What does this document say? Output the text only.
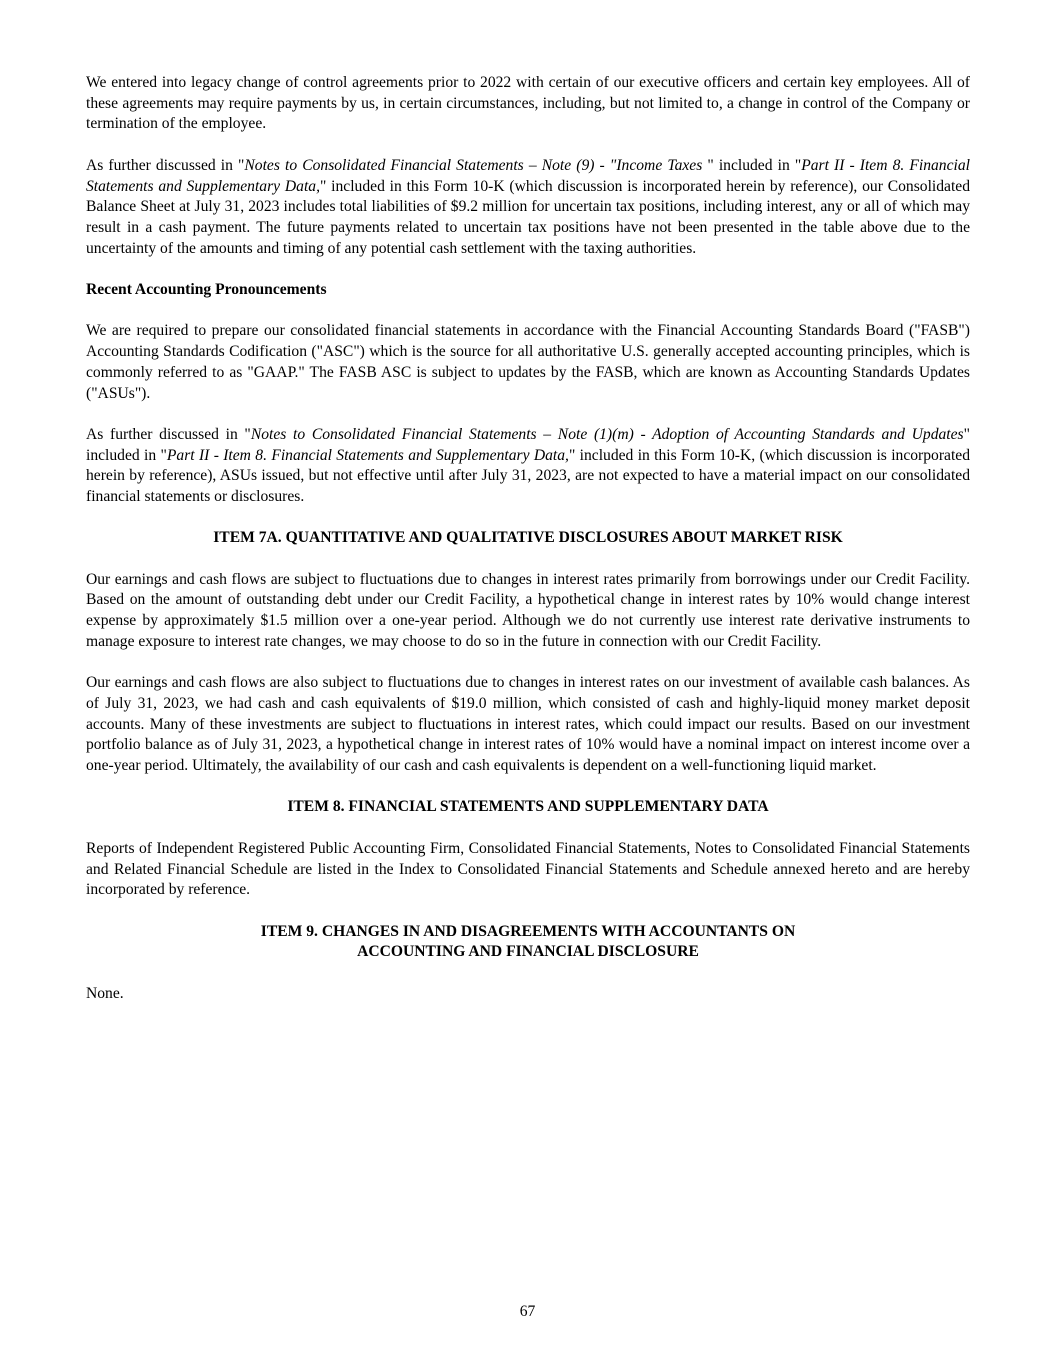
We entered into legacy change of control agreements prior to 2022 with certain of our executive officers and certain key employees. All of these agreements may require payments by us, in certain circumstances, including, but not limited to, a change in control of the Company or termination of the employee.

As further discussed in "Notes to Consolidated Financial Statements – Note (9) - "Income Taxes " included in "Part II - Item 8. Financial Statements and Supplementary Data," included in this Form 10-K (which discussion is incorporated herein by reference), our Consolidated Balance Sheet at July 31, 2023 includes total liabilities of $9.2 million for uncertain tax positions, including interest, any or all of which may result in a cash payment. The future payments related to uncertain tax positions have not been presented in the table above due to the uncertainty of the amounts and timing of any potential cash settlement with the taxing authorities.

Recent Accounting Pronouncements

We are required to prepare our consolidated financial statements in accordance with the Financial Accounting Standards Board ("FASB") Accounting Standards Codification ("ASC") which is the source for all authoritative U.S. generally accepted accounting principles, which is commonly referred to as "GAAP." The FASB ASC is subject to updates by the FASB, which are known as Accounting Standards Updates ("ASUs").

As further discussed in "Notes to Consolidated Financial Statements – Note (1)(m) - Adoption of Accounting Standards and Updates" included in "Part II - Item 8. Financial Statements and Supplementary Data," included in this Form 10-K, (which discussion is incorporated herein by reference), ASUs issued, but not effective until after July 31, 2023, are not expected to have a material impact on our consolidated financial statements or disclosures.

ITEM 7A. QUANTITATIVE AND QUALITATIVE DISCLOSURES ABOUT MARKET RISK

Our earnings and cash flows are subject to fluctuations due to changes in interest rates primarily from borrowings under our Credit Facility. Based on the amount of outstanding debt under our Credit Facility, a hypothetical change in interest rates by 10% would change interest expense by approximately $1.5 million over a one-year period. Although we do not currently use interest rate derivative instruments to manage exposure to interest rate changes, we may choose to do so in the future in connection with our Credit Facility.

Our earnings and cash flows are also subject to fluctuations due to changes in interest rates on our investment of available cash balances. As of July 31, 2023, we had cash and cash equivalents of $19.0 million, which consisted of cash and highly-liquid money market deposit accounts. Many of these investments are subject to fluctuations in interest rates, which could impact our results. Based on our investment portfolio balance as of July 31, 2023, a hypothetical change in interest rates of 10% would have a nominal impact on interest income over a one-year period. Ultimately, the availability of our cash and cash equivalents is dependent on a well-functioning liquid market.

ITEM 8. FINANCIAL STATEMENTS AND SUPPLEMENTARY DATA

Reports of Independent Registered Public Accounting Firm, Consolidated Financial Statements, Notes to Consolidated Financial Statements and Related Financial Schedule are listed in the Index to Consolidated Financial Statements and Schedule annexed hereto and are hereby incorporated by reference.

ITEM 9. CHANGES IN AND DISAGREEMENTS WITH ACCOUNTANTS ON
ACCOUNTING AND FINANCIAL DISCLOSURE

None.

67
